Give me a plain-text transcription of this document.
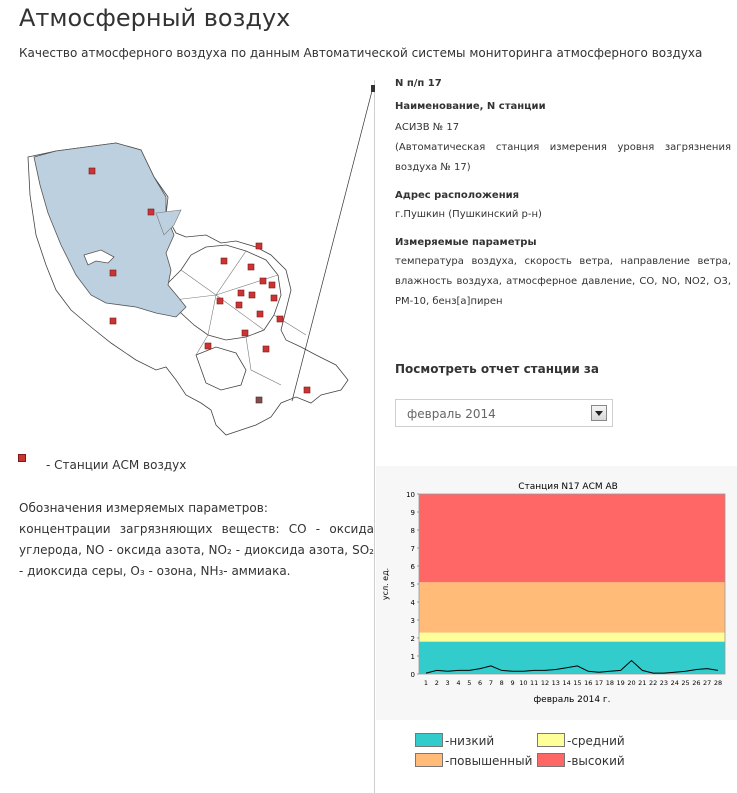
Атмосферный воздух
Качество атмосферного воздуха по данным Автоматической системы мониторинга атмосферного воздуха
- Станции АСМ воздух
Обозначения измеряемых параметров:
концентрации загрязняющих веществ: CO - оксида углерода, NO - оксида азота, NO₂ - диоксида азота, SO₂ - диоксида серы, O₃ - озона, NH₃- аммиака.
N п/п 17
Наименование, N станции
АСИЗВ № 17
(Автоматическая станция измерения уровня загрязнения воздуха № 17)
Адрес расположения
г.Пушкин (Пушкинский р-н)
Измеряемые параметры
температура воздуха, скорость ветра, направление ветра, влажность воздуха, атмосферное давление, CO, NO, NO2, O3, PM-10, бенз[а]пирен
Посмотреть отчет станции за
февраль 2014
Станция N17 АСМ АВ
0
1
2
3
4
5
6
7
8
9
10
1 2 3 4 5 6 7 8 9 10 11 12 13 14 15 16 17 18 19 20 21 22 23 24 25 26 27 28
усл. ед.
февраль 2014 г.
-низкий	-средний
-повышенный	-высокий
